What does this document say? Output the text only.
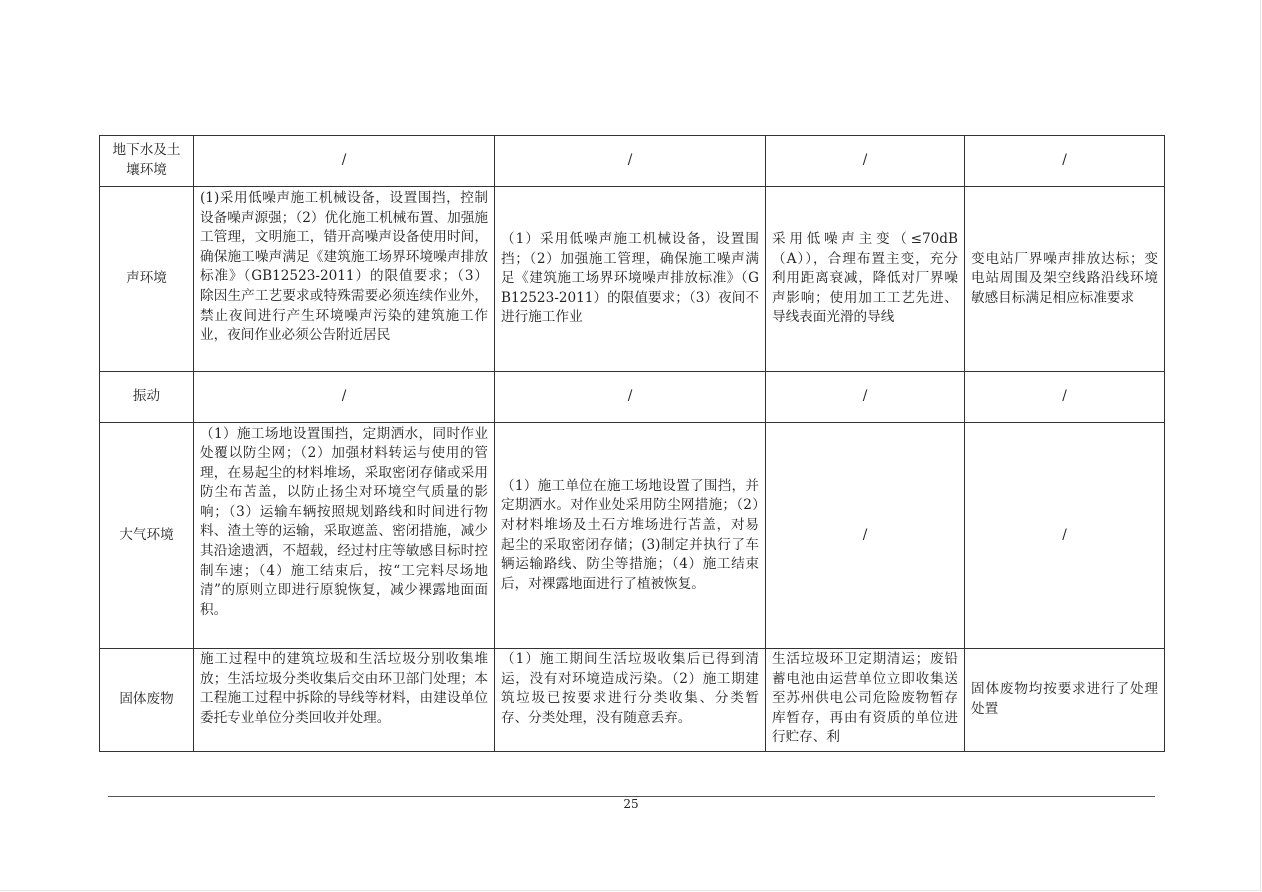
地下水及土壤环境	/	/	/	/
声环境	(1)采用低噪声施工机械设备，设置围挡，控制设备噪声源强；（2）优化施工机械布置、加强施工管理，文明施工，错开高噪声设备使用时间，确保施工噪声满足《建筑施工场界环境噪声排放标准》（GB12523-2011）的限值要求；（3）除因生产工艺要求或特殊需要必须连续作业外，禁止夜间进行产生环境噪声污染的建筑施工作业，夜间作业必须公告附近居民	（1）采用低噪声施工机械设备，设置围挡；（2）加强施工管理，确保施工噪声满足《建筑施工场界环境噪声排放标准》（GB12523-2011）的限值要求；（3）夜间不进行施工作业	采用低噪声主变（≤70dB（A）），合理布置主变，充分利用距离衰减，降低对厂界噪声影响；使用加工工艺先进、导线表面光滑的导线	变电站厂界噪声排放达标；变电站周围及架空线路沿线环境敏感目标满足相应标准要求
振动	/	/	/	/
大气环境	（1）施工场地设置围挡，定期洒水，同时作业处覆以防尘网；（2）加强材料转运与使用的管理，在易起尘的材料堆场，采取密闭存储或采用防尘布苫盖，以防止扬尘对环境空气质量的影响；（3）运输车辆按照规划路线和时间进行物料、渣土等的运输，采取遮盖、密闭措施，减少其沿途遗洒，不超载，经过村庄等敏感目标时控制车速；（4）施工结束后，按“工完料尽场地清”的原则立即进行原貌恢复，减少裸露地面面积。	（1）施工单位在施工场地设置了围挡，并定期洒水。对作业处采用防尘网措施；（2）对材料堆场及土石方堆场进行苫盖，对易起尘的采取密闭存储；(3)制定并执行了车辆运输路线、防尘等措施；（4）施工结束后，对裸露地面进行了植被恢复。	/	/
固体废物	施工过程中的建筑垃圾和生活垃圾分别收集堆放；生活垃圾分类收集后交由环卫部门处理；本工程施工过程中拆除的导线等材料，由建设单位委托专业单位分类回收并处理。	（1）施工期间生活垃圾收集后已得到清运，没有对环境造成污染。（2）施工期建筑垃圾已按要求进行分类收集、分类暂存、分类处理，没有随意丢弃。	生活垃圾环卫定期清运；废铅蓄电池由运营单位立即收集送至苏州供电公司危险废物暂存库暂存，再由有资质的单位进行贮存、利	固体废物均按要求进行了处理处置
25
